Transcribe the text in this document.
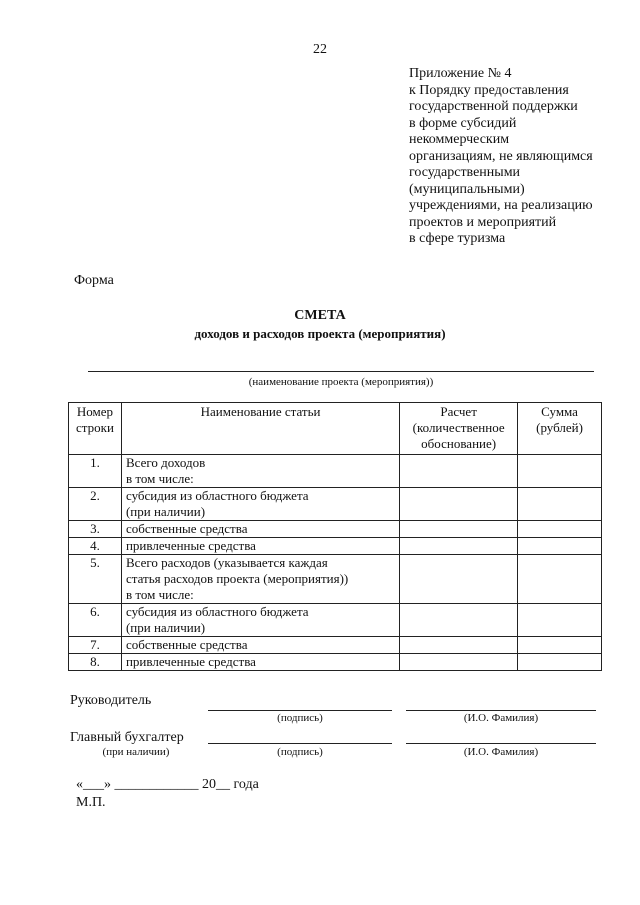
22
Приложение № 4
к Порядку предоставления
государственной поддержки
в форме субсидий
некоммерческим
организациям, не являющимся
государственными
(муниципальными)
учреждениями, на реализацию
проектов и мероприятий
в сфере туризма
Форма
СМЕТА
доходов и расходов проекта (мероприятия)
(наименование проекта (мероприятия))
Номер строки	Наименование статьи	Расчет (количественное обоснование)	Сумма (рублей)
1.	Всего доходов
в том числе:		
2.	субсидия из областного бюджета
(при наличии)		
3.	собственные средства		
4.	привлеченные средства		
5.	Всего расходов (указывается каждая
статья расходов проекта (мероприятия))
в том числе:		
6.	субсидия из областного бюджета
(при наличии)		
7.	собственные средства		
8.	привлеченные средства		
Руководитель
(подпись)	(И.О. Фамилия)
Главный бухгалтер
(при наличии)	(подпись)	(И.О. Фамилия)
«___» ____________ 20__ года
М.П.
